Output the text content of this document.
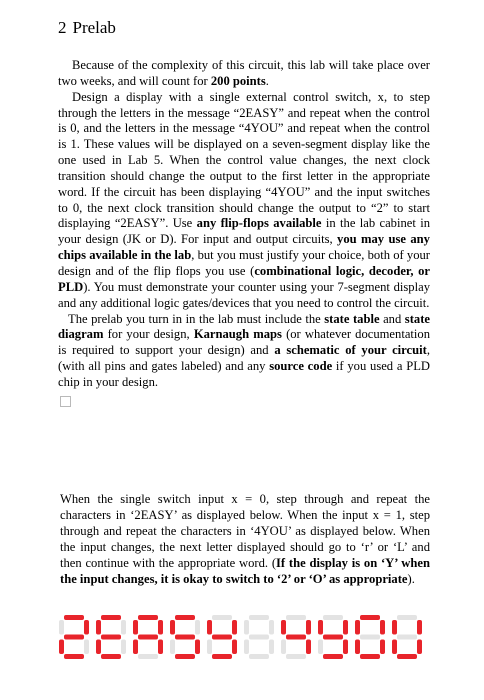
2 Prelab

Because of the complexity of this circuit, this lab will take place over two weeks, and will count for 200 points.

Design a display with a single external control switch, x, to step through the letters in the message “2EASY” and repeat when the control is 0, and the letters in the message “4YOU” and repeat when the control is 1. These values will be displayed on a seven-segment display like the one used in Lab 5. When the control value changes, the next clock transition should change the output to the first letter in the appropriate word. If the circuit has been displaying “4YOU” and the input switches to 0, the next clock transition should change the output to “2” to start displaying “2EASY”. Use any flip-flops available in the lab cabinet in your design (JK or D). For input and output circuits, you may use any chips available in the lab, but you must justify your choice, both of your design and of the flip flops you use (combinational logic, decoder, or PLD). You must demonstrate your counter using your 7-segment display and any additional logic gates/devices that you need to control the circuit.

The prelab you turn in in the lab must include the state table and state diagram for your design, Karnaugh maps (or whatever documentation is required to support your design) and a schematic of your circuit, (with all pins and gates labeled) and any source code if you used a PLD chip in your design.

When the single switch input x = 0, step through and repeat the characters in ‘2EASY’ as displayed below. When the input x = 1, step through and repeat the characters in ‘4YOU’ as displayed below. When the input changes, the next letter displayed should go to ‘r’ or ‘L’ and then continue with the appropriate word. (If the display is on ‘Y’ when the input changes, it is okay to switch to ‘2’ or ‘O’ as appropriate).
